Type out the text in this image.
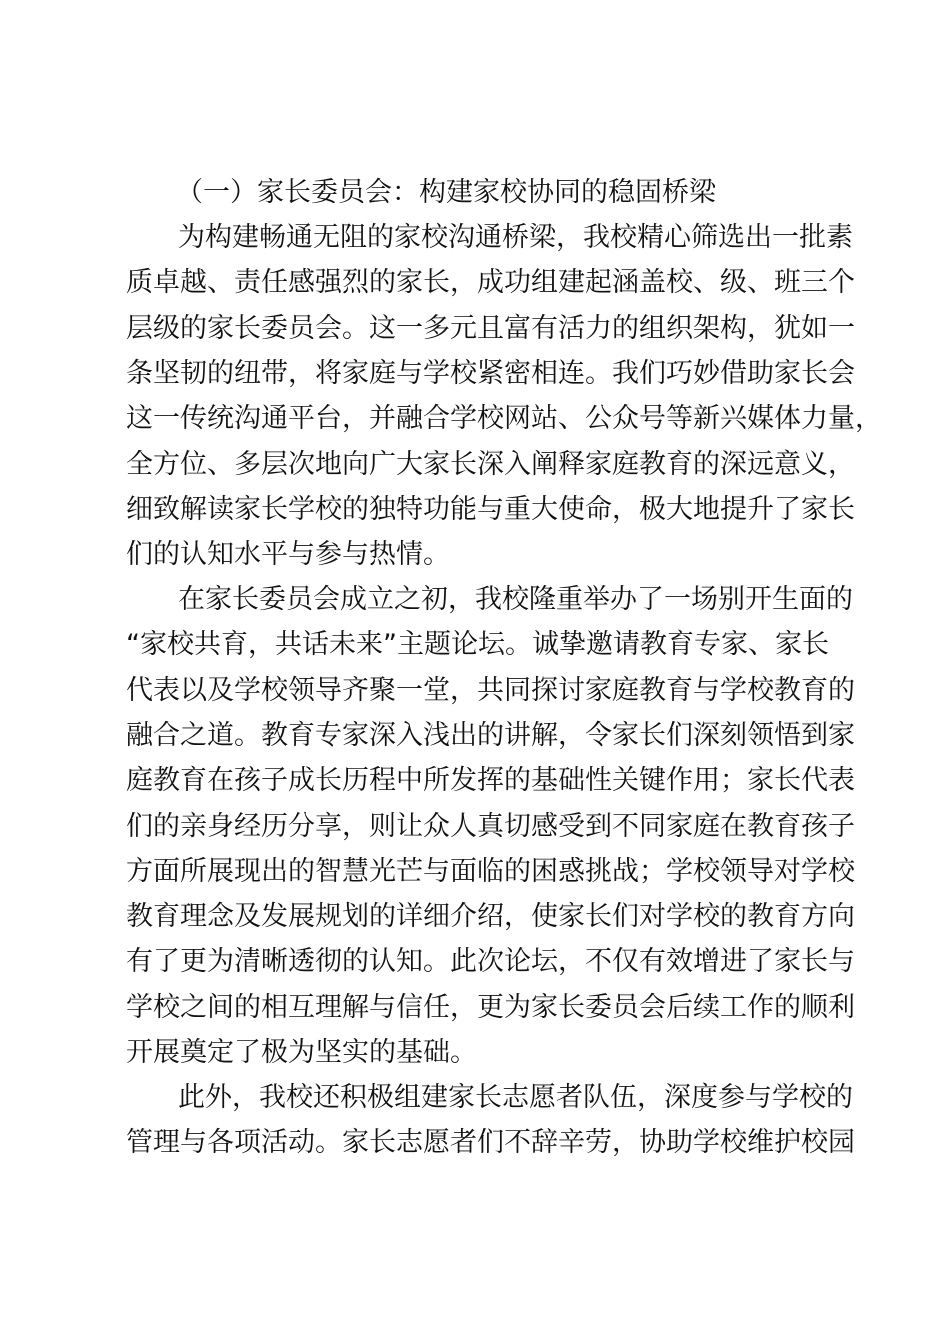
（一）家长委员会：构建家校协同的稳固桥梁
为构建畅通无阻的家校沟通桥梁，我校精心筛选出一批素
质卓越、责任感强烈的家长，成功组建起涵盖校、级、班三个
层级的家长委员会。这一多元且富有活力的组织架构，犹如一
条坚韧的纽带，将家庭与学校紧密相连。我们巧妙借助家长会
这一传统沟通平台，并融合学校网站、公众号等新兴媒体力量，
全方位、多层次地向广大家长深入阐释家庭教育的深远意义，
细致解读家长学校的独特功能与重大使命，极大地提升了家长
们的认知水平与参与热情。
在家长委员会成立之初，我校隆重举办了一场别开生面的
“家校共育，共话未来”主题论坛。诚挚邀请教育专家、家长
代表以及学校领导齐聚一堂，共同探讨家庭教育与学校教育的
融合之道。教育专家深入浅出的讲解，令家长们深刻领悟到家
庭教育在孩子成长历程中所发挥的基础性关键作用；家长代表
们的亲身经历分享，则让众人真切感受到不同家庭在教育孩子
方面所展现出的智慧光芒与面临的困惑挑战；学校领导对学校
教育理念及发展规划的详细介绍，使家长们对学校的教育方向
有了更为清晰透彻的认知。此次论坛，不仅有效增进了家长与
学校之间的相互理解与信任，更为家长委员会后续工作的顺利
开展奠定了极为坚实的基础。
此外，我校还积极组建家长志愿者队伍，深度参与学校的
管理与各项活动。家长志愿者们不辞辛劳，协助学校维护校园
